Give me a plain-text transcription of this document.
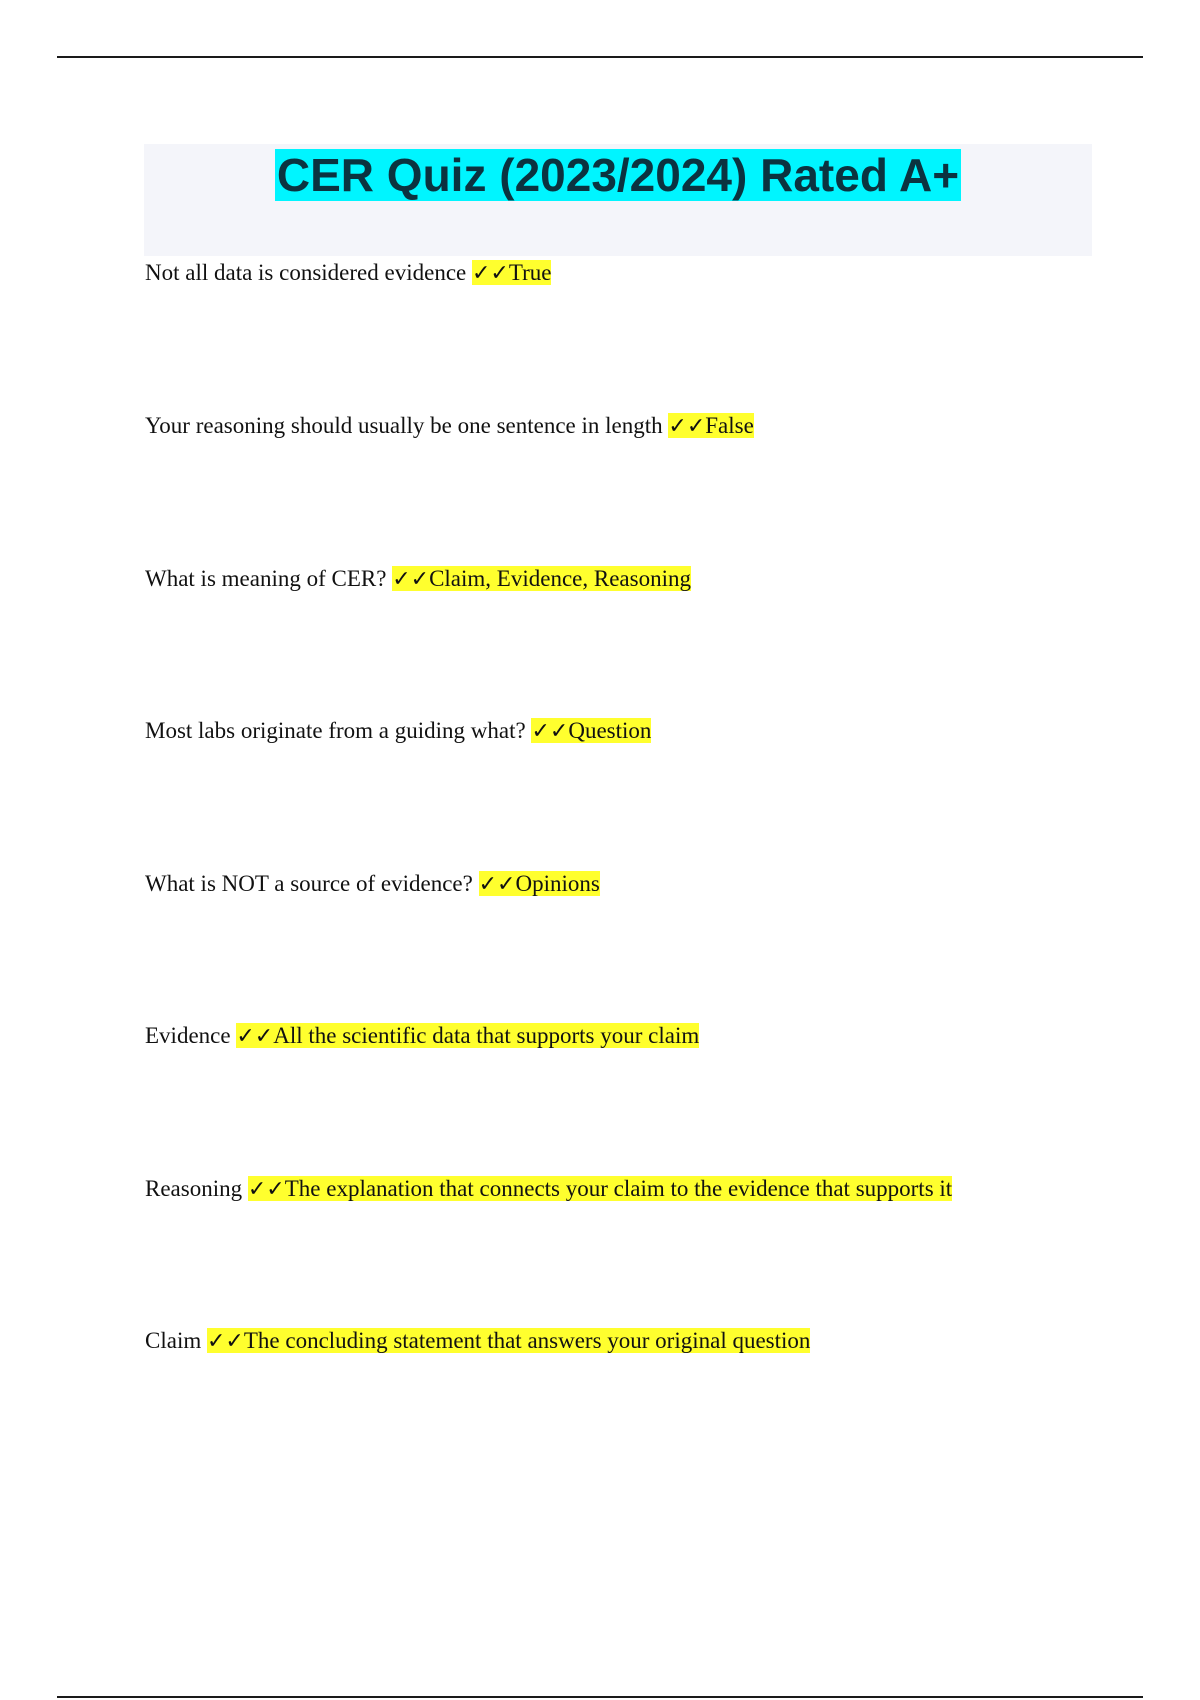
CER Quiz (2023/2024) Rated A+

Not all data is considered evidence ✓✓True

Your reasoning should usually be one sentence in length ✓✓False

What is meaning of CER? ✓✓Claim, Evidence, Reasoning

Most labs originate from a guiding what? ✓✓Question

What is NOT a source of evidence? ✓✓Opinions

Evidence ✓✓All the scientific data that supports your claim

Reasoning ✓✓The explanation that connects your claim to the evidence that supports it

Claim ✓✓The concluding statement that answers your original question
